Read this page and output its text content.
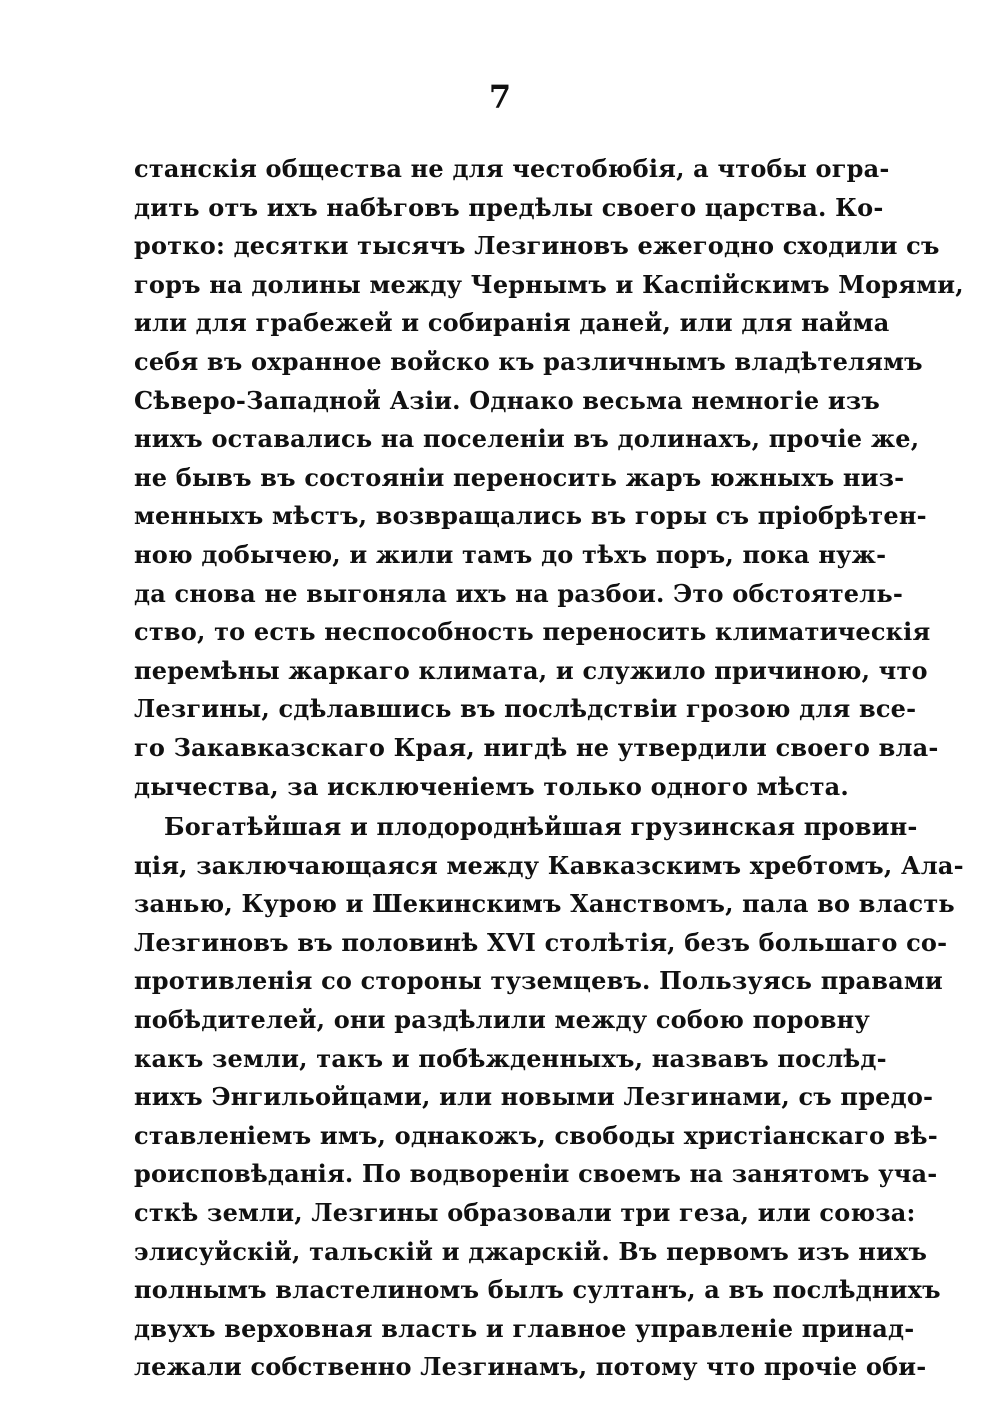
7
станскія общества не для честобюбія, а чтобы огра-
дить отъ ихъ набѣговъ предѣлы своего царства. Ко-
ротко: десятки тысячъ Лезгиновъ ежегодно сходили съ
горъ на долины между Чернымъ и Каспійскимъ Морями,
или для грабежей и собиранія даней, или для найма
себя въ охранное войско къ различнымъ владѣтелямъ
Сѣверо-Западной Азіи. Однако весьма немногіе изъ
нихъ оставались на поселеніи въ долинахъ, прочіе же,
не бывъ въ состояніи переносить жаръ южныхъ низ-
менныхъ мѣстъ, возвращались въ горы съ пріобрѣтен-
ною добычею, и жили тамъ до тѣхъ поръ, пока нуж-
да снова не выгоняла ихъ на разбои. Это обстоятель-
ство, то есть неспособность переносить климатическія
перемѣны жаркаго климата, и служило причиною, что
Лезгины, сдѣлавшись въ послѣдствіи грозою для все-
го Закавказскаго Края, нигдѣ не утвердили своего вла-
дычества, за исключеніемъ только одного мѣста.
Богатѣйшая и плодороднѣйшая грузинская провин-
ція, заключающаяся между Кавказскимъ хребтомъ, Ала-
занью, Курою и Шекинскимъ Ханствомъ, пала во власть
Лезгиновъ въ половинѣ XVI столѣтія, безъ большаго со-
противленія со стороны туземцевъ. Пользуясь правами
побѣдителей, они раздѣлили между собою поровну
какъ земли, такъ и побѣжденныхъ, назвавъ послѣд-
нихъ Энгильойцами, или новыми Лезгинами, съ предо-
ставленіемъ имъ, однакожъ, свободы христіанскаго вѣ-
роисповѣданія. По водвореніи своемъ на занятомъ уча-
сткѣ земли, Лезгины образовали три геза, или союза:
элисуйскій, тальскій и джарскій. Въ первомъ изъ нихъ
полнымъ властелиномъ былъ султанъ, а въ послѣднихъ
двухъ верховная власть и главное управленіе принад-
лежали собственно Лезгинамъ, потому что прочіе оби-
